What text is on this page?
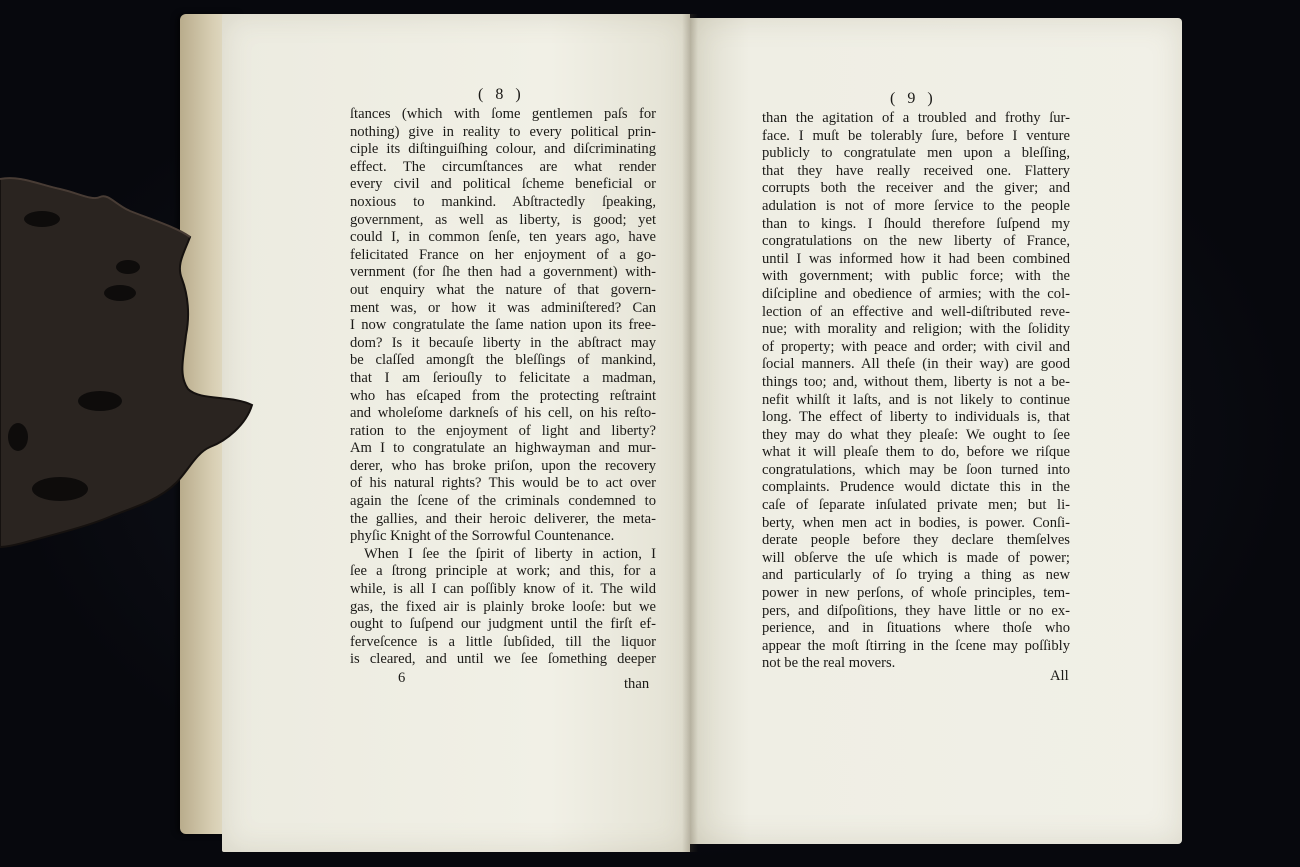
( 8 )
ſtances (which with ſome gentlemen paſs for
nothing) give in reality to every political prin-
ciple its diſtinguiſhing colour, and diſcriminating
effect. The circumſtances are what render
every civil and political ſcheme beneficial or
noxious to mankind. Abſtractedly ſpeaking,
government, as well as liberty, is good; yet
could I, in common ſenſe, ten years ago, have
felicitated France on her enjoyment of a go-
vernment (for ſhe then had a government) with-
out enquiry what the nature of that govern-
ment was, or how it was adminiſtered? Can
I now congratulate the ſame nation upon its free-
dom? Is it becauſe liberty in the abſtract may
be claſſed amongſt the bleſſings of mankind,
that I am ſeriouſly to felicitate a madman,
who has eſcaped from the protecting reſtraint
and wholeſome darkneſs of his cell, on his reſto-
ration to the enjoyment of light and liberty?
Am I to congratulate an highwayman and mur-
derer, who has broke priſon, upon the recovery
of his natural rights? This would be to act over
again the ſcene of the criminals condemned to
the gallies, and their heroic deliverer, the meta-
phyſic Knight of the Sorrowful Countenance.
When I ſee the ſpirit of liberty in action, I
ſee a ſtrong principle at work; and this, for a
while, is all I can poſſibly know of it. The wild
gas, the fixed air is plainly broke looſe: but we
ought to ſuſpend our judgment until the firſt ef-
ferveſcence is a little ſubſided, till the liquor
is cleared, and until we ſee ſomething deeper
6	than
( 9 )
than the agitation of a troubled and frothy ſur-
face. I muſt be tolerably ſure, before I venture
publicly to congratulate men upon a bleſſing,
that they have really received one. Flattery
corrupts both the receiver and the giver; and
adulation is not of more ſervice to the people
than to kings. I ſhould therefore ſuſpend my
congratulations on the new liberty of France,
until I was informed how it had been combined
with government; with public force; with the
diſcipline and obedience of armies; with the col-
lection of an effective and well-diſtributed reve-
nue; with morality and religion; with the ſolidity
of property; with peace and order; with civil and
ſocial manners. All theſe (in their way) are good
things too; and, without them, liberty is not a be-
nefit whilſt it laſts, and is not likely to continue
long. The effect of liberty to individuals is, that
they may do what they pleaſe: We ought to ſee
what it will pleaſe them to do, before we riſque
congratulations, which may be ſoon turned into
complaints. Prudence would dictate this in the
caſe of ſeparate inſulated private men; but li-
berty, when men act in bodies, is power. Conſi-
derate people before they declare themſelves
will obſerve the uſe which is made of power;
and particularly of ſo trying a thing as new
power in new perſons, of whoſe principles, tem-
pers, and diſpoſitions, they have little or no ex-
perience, and in ſituations where thoſe who
appear the moſt ſtirring in the ſcene may poſſibly
not be the real movers.
All
